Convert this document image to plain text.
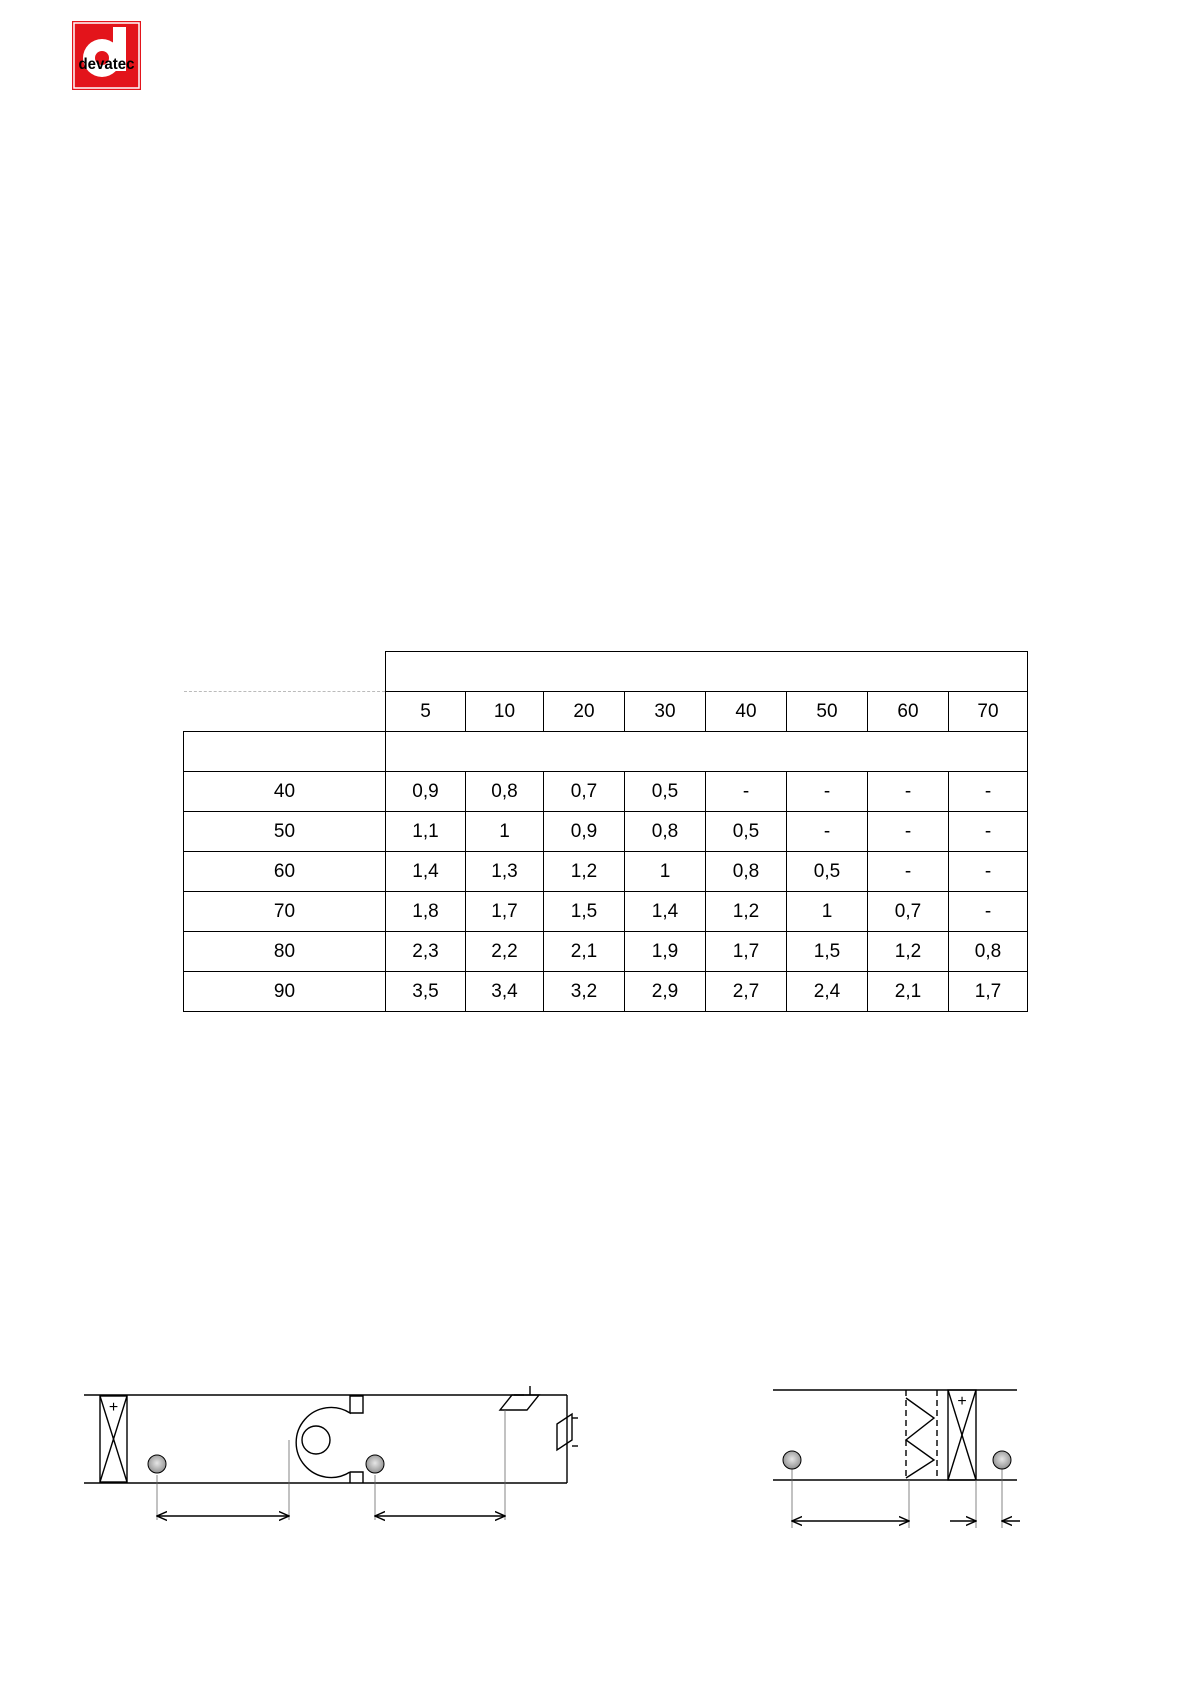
devatec

	5	10	20	30	40	50	60	70

40	0,9	0,8	0,7	0,5	-	-	-	-
50	1,1	1	0,9	0,8	0,5	-	-	-
60	1,4	1,3	1,2	1	0,8	0,5	-	-
70	1,8	1,7	1,5	1,4	1,2	1	0,7	-
80	2,3	2,2	2,1	1,9	1,7	1,5	1,2	0,8
90	3,5	3,4	3,2	2,9	2,7	2,4	2,1	1,7
+	+
